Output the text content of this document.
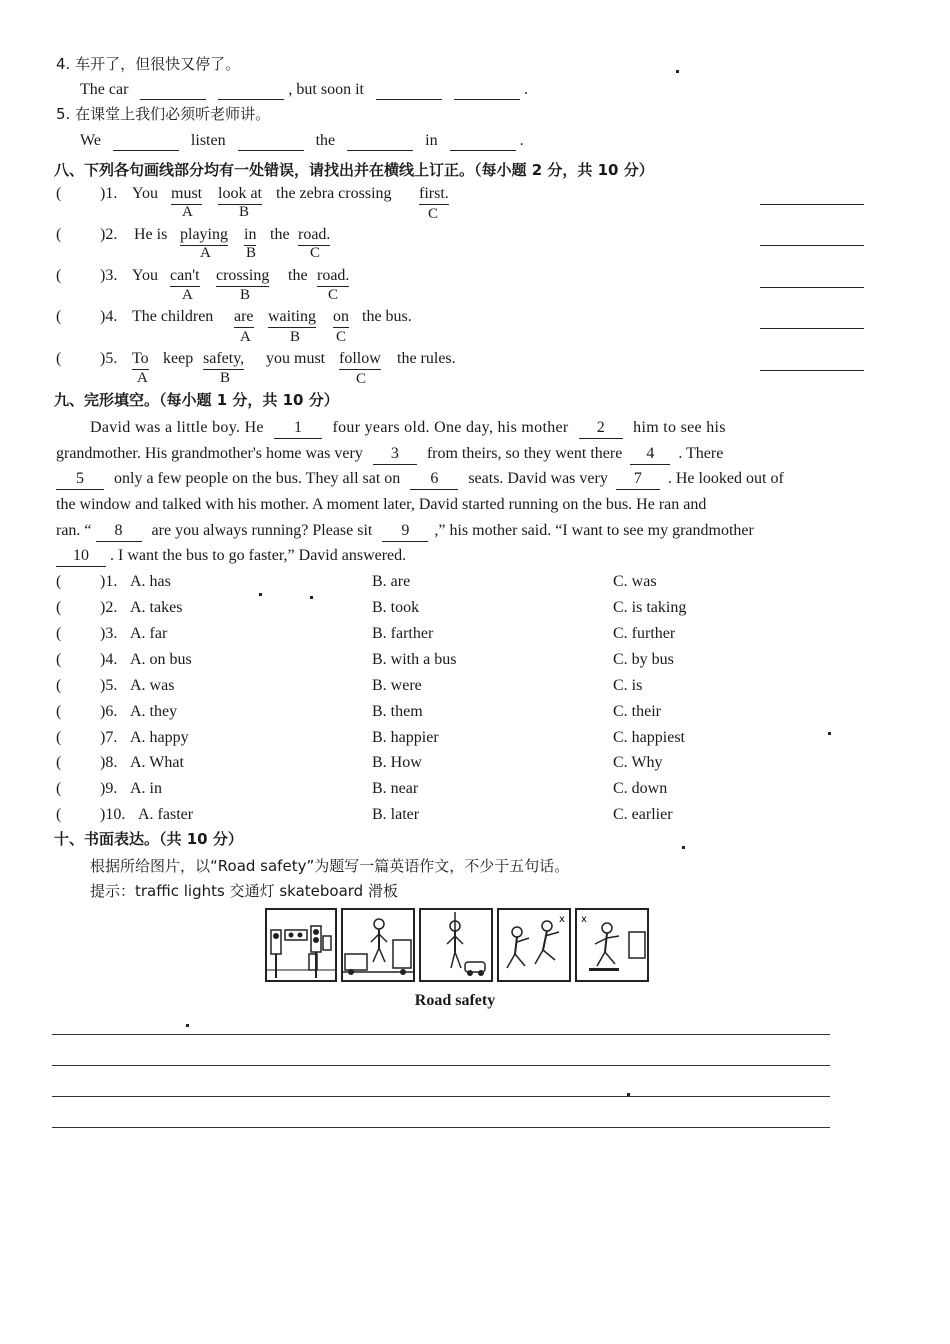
4. 车开了，但很快又停了。
The car	, but soon it	.
5. 在课堂上我们必须听老师讲。
We	listen	the	in	.
八、下列各句画线部分均有一处错误，请找出并在横线上订正。（每小题 2 分，共 10 分）
( )1. You must look at the zebra crossing first.
A	B	C
( )2. He is playing in the road.
A B	C
( )3. You can't crossing the road.
A	B	C
( )4. The children are waiting on the bus.
A	B C
( )5. To keep safety, you must follow the rules.
A	B	C
九、完形填空。（每小题 1 分，共 10 分）
David was a little boy. He 1 four years old. One day, his mother 2 him to see his
grandmother. His grandmother's home was very 3 from theirs, so they went there 4 . There
5 only a few people on the bus. They all sat on 6 seats. David was very 7 . He looked out of
the window and talked with his mother. A moment later, David started running on the bus. He ran and
ran. “ 8 are you always running? Please sit 9 ,” his mother said. “I want to see my grandmother
10 . I want the bus to go faster,” David answered.
( )1. A. has	B. are	C. was
( )2. A. takes	B. took	C. is taking
( )3. A. far	B. farther	C. further
( )4. A. on bus	B. with a bus	C. by bus
( )5. A. was	B. were	C. is
( )6. A. they	B. them	C. their
( )7. A. happy	B. happier	C. happiest
( )8. A. What	B. How	C. Why
( )9. A. in	B. near	C. down
( )10. A. faster	B. later	C. earlier
十、书面表达。（共 10 分）
根据所给图片，以“Road safety”为题写一篇英语作文，不少于五句话。
提示：traffic lights 交通灯 skateboard 滑板
x x
Road safety
